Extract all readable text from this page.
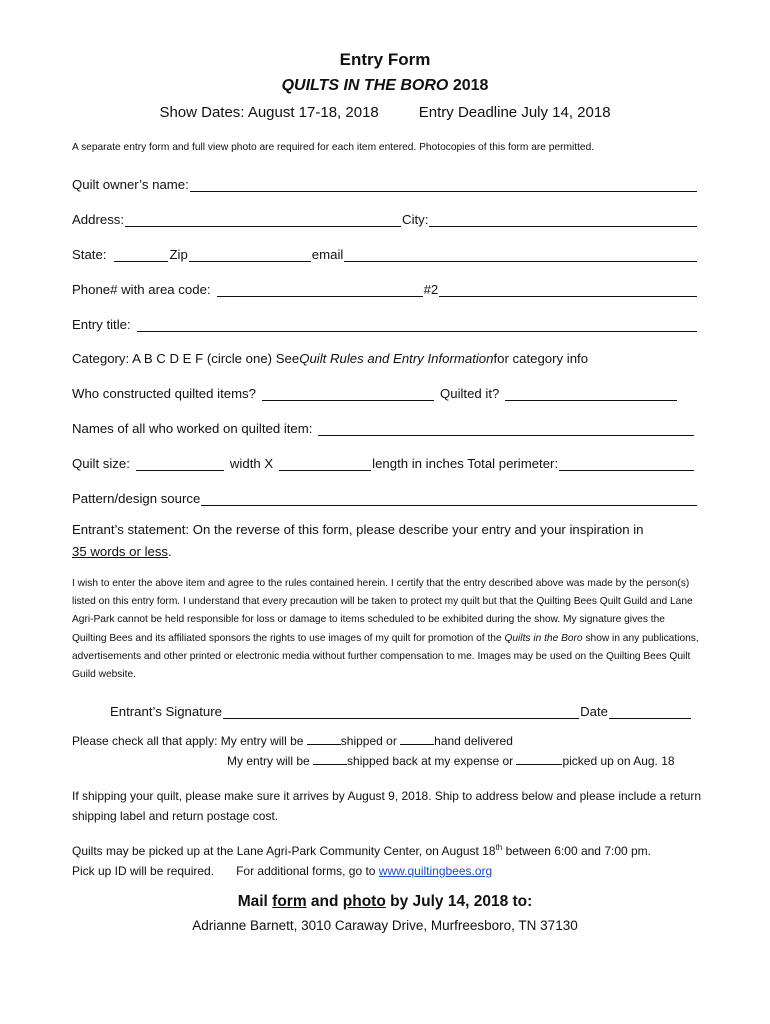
Entry Form
QUILTS IN THE BORO 2018
Show Dates: August 17-18, 2018	Entry Deadline July 14, 2018
A separate entry form and full view photo are required for each item entered. Photocopies of this form are permitted.
Quilt owner’s name:
Address:	City:
State:	Zip	email
Phone# with area code:	#2
Entry title:
Category: A B C D E F (circle one) See Quilt Rules and Entry Information for category info
Who constructed quilted items?	Quilted it?
Names of all who worked on quilted item:
Quilt size:	width X	length in inches Total perimeter:
Pattern/design source
Entrant’s statement: On the reverse of this form, please describe your entry and your inspiration in
35 words or less.
I wish to enter the above item and agree to the rules contained herein. I certify that the entry described above was made by the person(s) listed on this entry form. I understand that every precaution will be taken to protect my quilt but that the Quilting Bees Quilt Guild and Lane Agri-Park cannot be held responsible for loss or damage to items scheduled to be exhibited during the show. My signature gives the Quilting Bees and its affiliated sponsors the rights to use images of my quilt for promotion of the Quilts in the Boro show in any publications, advertisements and other printed or electronic media without further compensation to me. Images may be used on the Quilting Bees Quilt Guild website.
Entrant’s Signature	Date
Please check all that apply: My entry will be	shipped or	hand delivered
My entry will be	shipped back at my expense or	picked up on Aug. 18
If shipping your quilt, please make sure it arrives by August 9, 2018. Ship to address below and please include a return shipping label and return postage cost.
Quilts may be picked up at the Lane Agri-Park Community Center, on August 18th between 6:00 and 7:00 pm.
Pick up ID will be required. For additional forms, go to www.quiltingbees.org
Mail form and photo by July 14, 2018 to:
Adrianne Barnett, 3010 Caraway Drive, Murfreesboro, TN 37130
